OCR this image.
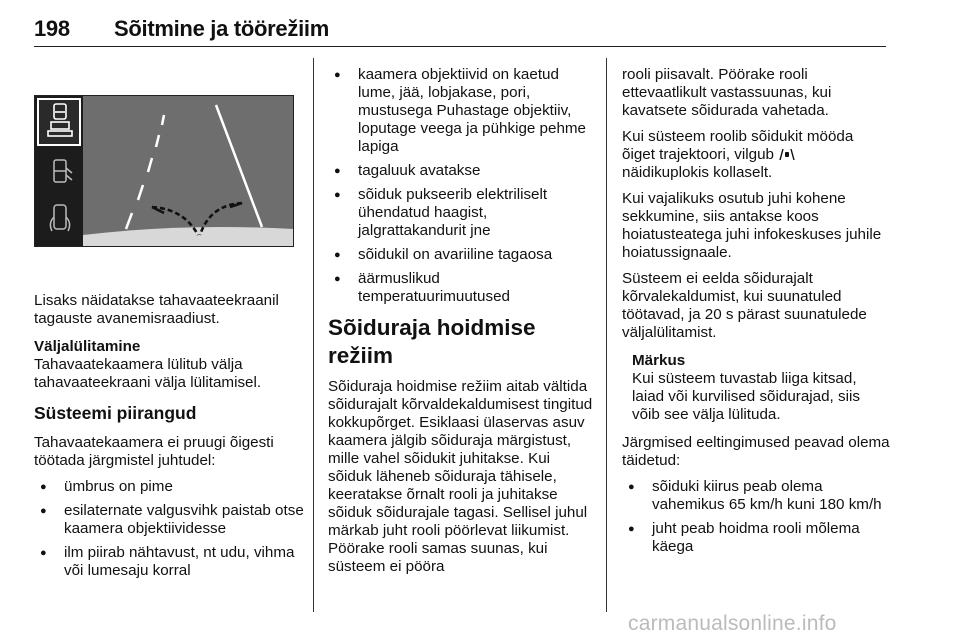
198 Sõitmine ja töörežiim

Lisaks näidatakse tahavaateekraanil tagauste avanemisraadiust.

Väljalülitamine

Tahavaatekaamera lülitub välja tahavaateekraani välja lülitamisel.

Süsteemi piirangud

Tahavaatekaamera ei pruugi õigesti töötada järgmistel juhtudel:

● ümbrus on pime
● esilaternate valgusvihk paistab otse kaamera objektiividesse
● ilm piirab nähtavust, nt udu, vihma või lumesaju korral
● kaamera objektiivid on kaetud lume, jää, lobjakase, pori, mustusega Puhastage objektiiv, loputage veega ja pühkige pehme lapiga
● tagaluuk avatakse
● sõiduk pukseerib elektriliselt ühendatud haagist, jalgrattakandurit jne
● sõidukil on avariiline tagaosa
● äärmuslikud temperatuurimuutused

Sõiduraja hoidmise režiim

Sõiduraja hoidmise režiim aitab vältida sõidurajalt kõrvaldekaldumisest tingitud kokkupõrget. Esiklaasi ülaservas asuv kaamera jälgib sõiduraja märgistust, mille vahel sõidukit juhitakse. Kui sõiduk läheneb sõiduraja tähisele, keeratakse õrnalt rooli ja juhitakse sõiduk sõidurajale tagasi. Sellisel juhul märkab juht rooli pöörlevat liikumist. Pöörake rooli samas suunas, kui süsteem ei pööra

rooli piisavalt. Pöörake rooli ettevaatlikult vastassuunas, kui kavatsete sõidurada vahetada.

Kui süsteem roolib sõidukit mööda õiget trajektoori, vilgub
näidikuplokis kollaselt.

Kui vajalikuks osutub juhi kohene sekkumine, siis antakse koos hoiatusteatega juhi infokeskuses juhile hoiatussignaale.

Süsteem ei eelda sõidurajalt kõrvalekaldumist, kui suunatuled töötavad, ja 20 s pärast suunatulede väljalülitamist.

Märkus

Kui süsteem tuvastab liiga kitsad, laiad või kurvilised sõidurajad, siis võib see välja lülituda.

Järgmised eeltingimused peavad olema täidetud:

● sõiduki kiirus peab olema vahemikus 65 km/h kuni 180 km/h
● juht peab hoidma rooli mõlema käega
carmanualsonline.info
